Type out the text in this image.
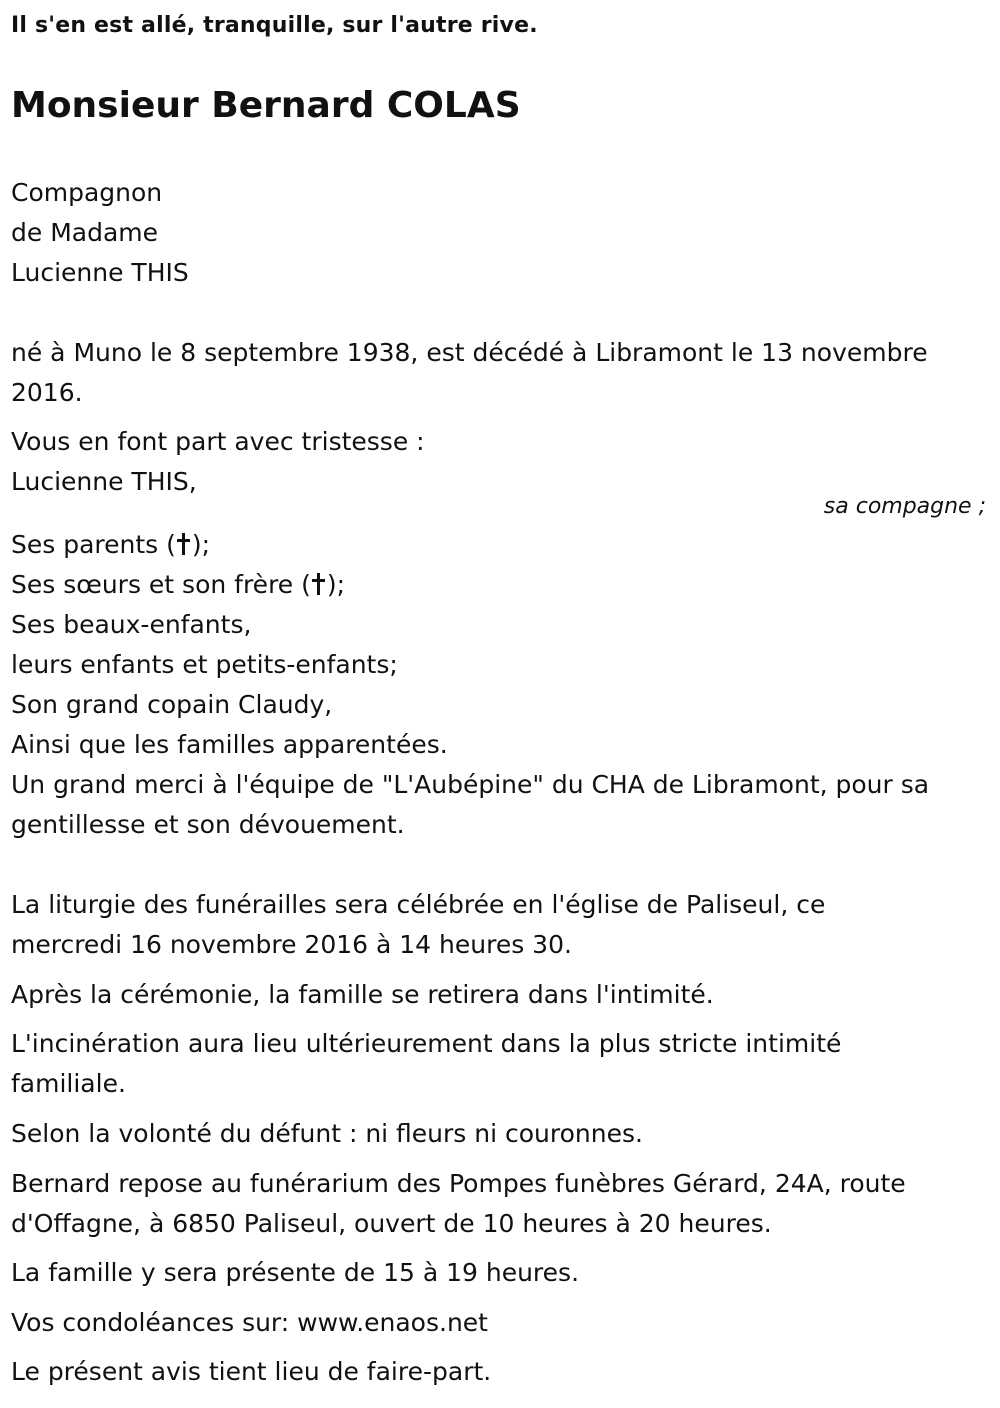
Il s'en est allé, tranquille, sur l'autre rive.
Monsieur Bernard COLAS
Compagnon
de Madame
Lucienne THIS
né à Muno le 8 septembre 1938, est décédé à Libramont le 13 novembre
2016.
Vous en font part avec tristesse :
Lucienne THIS,
sa compagne ;
Ses parents ( );
Ses sœurs et son frère ( );
Ses beaux-enfants,
leurs enfants et petits-enfants;
Son grand copain Claudy,
Ainsi que les familles apparentées.
Un grand merci à l'équipe de "L'Aubépine" du CHA de Libramont, pour sa
gentillesse et son dévouement.
La liturgie des funérailles sera célébrée en l'église de Paliseul, ce
mercredi 16 novembre 2016 à 14 heures 30.
Après la cérémonie, la famille se retirera dans l'intimité.
L'incinération aura lieu ultérieurement dans la plus stricte intimité
familiale.
Selon la volonté du défunt : ni fleurs ni couronnes.
Bernard repose au funérarium des Pompes funèbres Gérard, 24A, route
d'Offagne, à 6850 Paliseul, ouvert de 10 heures à 20 heures.
La famille y sera présente de 15 à 19 heures.
Vos condoléances sur: www.enaos.net
Le présent avis tient lieu de faire-part.
